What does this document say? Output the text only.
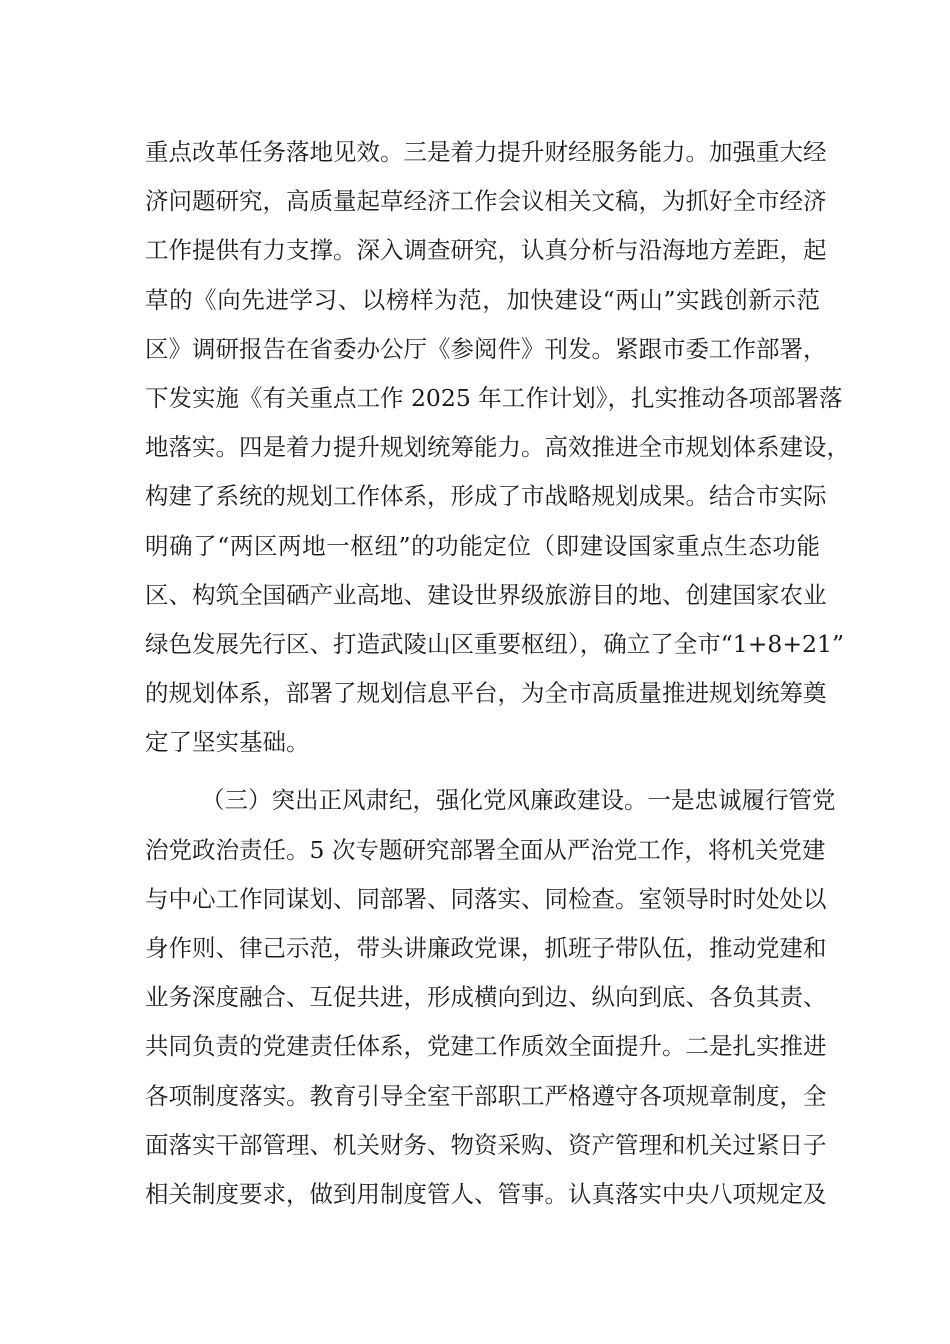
重点改革任务落地见效。三是着力提升财经服务能力。加强重大经
济问题研究，高质量起草经济工作会议相关文稿，为抓好全市经济
工作提供有力支撑。深入调查研究，认真分析与沿海地方差距，起
草的《向先进学习、以榜样为范，加快建设“两山”实践创新示范
区》调研报告在省委办公厅《参阅件》刊发。紧跟市委工作部署，
下发实施《有关重点工作 2025 年工作计划》，扎实推动各项部署落
地落实。四是着力提升规划统筹能力。高效推进全市规划体系建设，
构建了系统的规划工作体系，形成了市战略规划成果。结合市实际
明确了“两区两地一枢纽”的功能定位（即建设国家重点生态功能
区、构筑全国硒产业高地、建设世界级旅游目的地、创建国家农业
绿色发展先行区、打造武陵山区重要枢纽），确立了全市“1+8+21”
的规划体系，部署了规划信息平台，为全市高质量推进规划统筹奠
定了坚实基础。
（三）突出正风肃纪，强化党风廉政建设。一是忠诚履行管党
治党政治责任。5 次专题研究部署全面从严治党工作，将机关党建
与中心工作同谋划、同部署、同落实、同检查。室领导时时处处以
身作则、律己示范，带头讲廉政党课，抓班子带队伍，推动党建和
业务深度融合、互促共进，形成横向到边、纵向到底、各负其责、
共同负责的党建责任体系，党建工作质效全面提升。二是扎实推进
各项制度落实。教育引导全室干部职工严格遵守各项规章制度，全
面落实干部管理、机关财务、物资采购、资产管理和机关过紧日子
相关制度要求，做到用制度管人、管事。认真落实中央八项规定及
